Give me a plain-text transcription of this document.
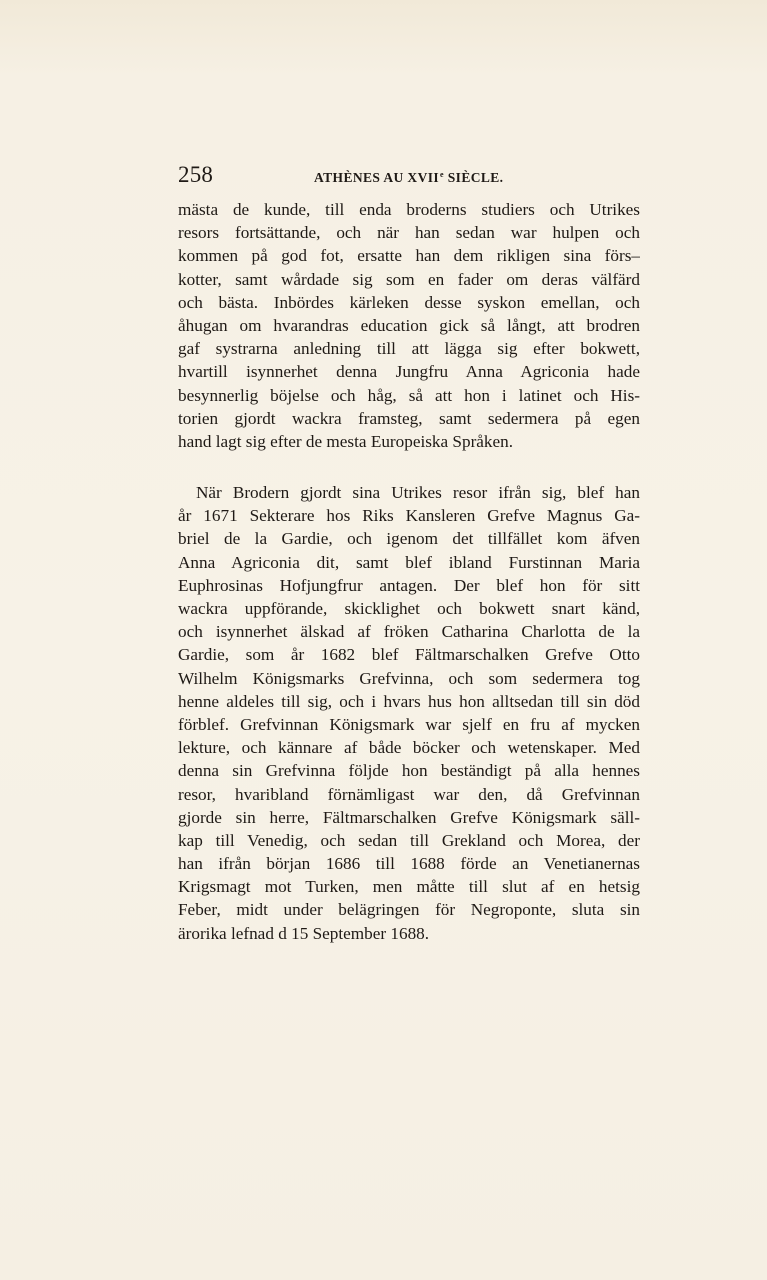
258	ATHÈNES AU XVIIe SIÈCLE.
mästa de kunde, till enda broderns studiers och Utrikes
resors fortsättande, och när han sedan war hulpen och
kommen på god fot, ersatte han dem rikligen sina förs–
kotter, samt wårdade sig som en fader om deras välfärd
och bästa. Inbördes kärleken desse syskon emellan, och
åhugan om hvarandras education gick så långt, att brodren
gaf systrarna anledning till att lägga sig efter bokwett,
hvartill isynnerhet denna Jungfru Anna Agriconia hade
besynnerlig böjelse och håg, så att hon i latinet och His-
torien gjordt wackra framsteg, samt sedermera på egen
hand lagt sig efter de mesta Europeiska Språken.
När Brodern gjordt sina Utrikes resor ifrån sig, blef han
år 1671 Sekterare hos Riks Kansleren Grefve Magnus Ga-
briel de la Gardie, och igenom det tillfället kom äfven
Anna Agriconia dit, samt blef ibland Furstinnan Maria
Euphrosinas Hofjungfrur antagen. Der blef hon för sitt
wackra uppförande, skicklighet och bokwett snart känd,
och isynnerhet älskad af fröken Catharina Charlotta de la
Gardie, som år 1682 blef Fältmarschalken Grefve Otto
Wilhelm Königsmarks Grefvinna, och som sedermera tog
henne aldeles till sig, och i hvars hus hon alltsedan till sin död
förblef. Grefvinnan Königsmark war sjelf en fru af mycken
lekture, och kännare af både böcker och wetenskaper. Med
denna sin Grefvinna följde hon beständigt på alla hennes
resor, hvaribland förnämligast war den, då Grefvinnan
gjorde sin herre, Fältmarschalken Grefve Königsmark säll-
kap till Venedig, och sedan till Grekland och Morea, der
han ifrån början 1686 till 1688 förde an Venetianernas
Krigsmagt mot Turken, men måtte till slut af en hetsig
Feber, midt under belägringen för Negroponte, sluta sin
ärorika lefnad d 15 September 1688.
